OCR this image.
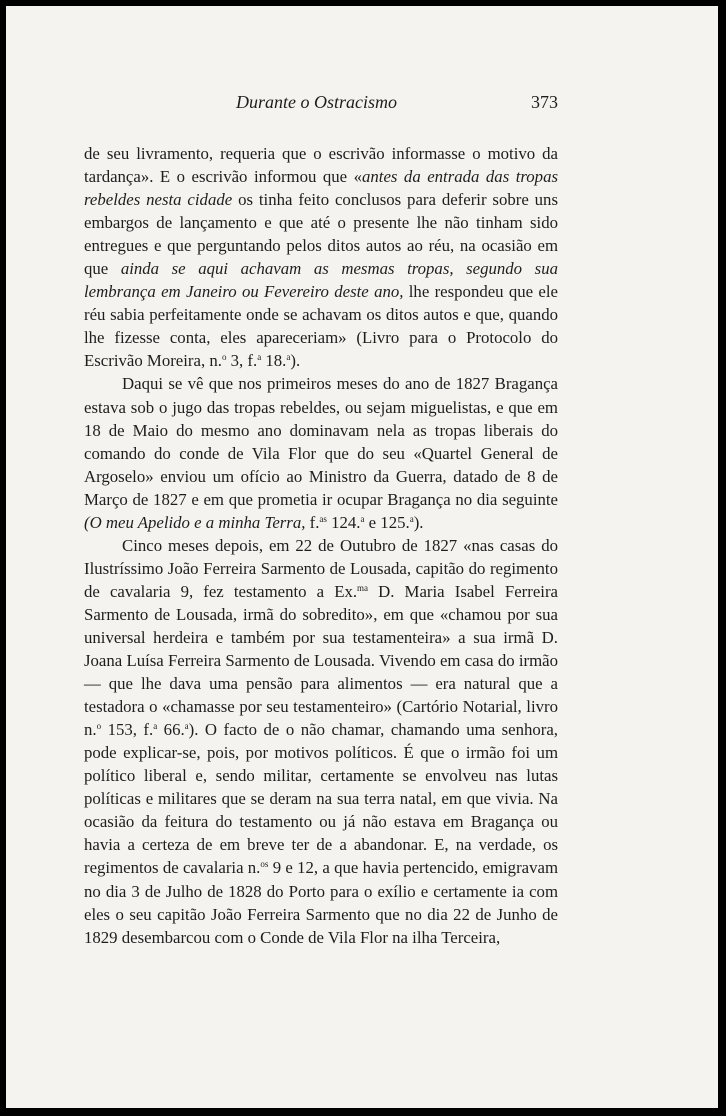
Durante o Ostracismo	373

de seu livramento, requeria que o escrivão informasse o motivo da tardança». E o escrivão informou que «antes da entrada das tropas rebeldes nesta cidade os tinha feito conclusos para deferir sobre uns embargos de lançamento e que até o presente lhe não tinham sido entregues e que perguntando pelos ditos autos ao réu, na ocasião em que ainda se aqui achavam as mesmas tropas, segundo sua lembrança em Janeiro ou Fevereiro deste ano, lhe respondeu que ele réu sabia perfeitamente onde se achavam os ditos autos e que, quando lhe fizesse conta, eles apareceriam» (Livro para o Protocolo do Escrivão Moreira, n.$^o$ 3, f.$^a$ 18.$^a$).

Daqui se vê que nos primeiros meses do ano de 1827 Bragança estava sob o jugo das tropas rebeldes, ou sejam miguelistas, e que em 18 de Maio do mesmo ano dominavam nela as tropas liberais do comando do conde de Vila Flor que do seu «Quartel General de Argoselo» enviou um ofício ao Ministro da Guerra, datado de 8 de Março de 1827 e em que prometia ir ocupar Bragança no dia seguinte (O meu Apelido e a minha Terra, f.$^{as}$ 124.$^a$ e 125.$^a$).

Cinco meses depois, em 22 de Outubro de 1827 «nas casas do Ilustríssimo João Ferreira Sarmento de Lousada, capitão do regimento de cavalaria 9, fez testamento a Ex.$^{ma}$ D. Maria Isabel Ferreira Sarmento de Lousada, irmã do sobredito», em que «chamou por sua universal herdeira e também por sua testamenteira» a sua irmã D. Joana Luísa Ferreira Sarmento de Lousada. Vivendo em casa do irmão — que lhe dava uma pensão para alimentos — era natural que a testadora o «chamasse por seu testamenteiro» (Cartório Notarial, livro n.$^o$ 153, f.$^a$ 66.$^a$). O facto de o não chamar, chamando uma senhora, pode explicar-se, pois, por motivos políticos. É que o irmão foi um político liberal e, sendo militar, certamente se envolveu nas lutas políticas e militares que se deram na sua terra natal, em que vivia. Na ocasião da feitura do testamento ou já não estava em Bragança ou havia a certeza de em breve ter de a abandonar. E, na verdade, os regimentos de cavalaria n.$^{os}$ 9 e 12, a que havia pertencido, emigravam no dia 3 de Julho de 1828 do Porto para o exílio e certamente ia com eles o seu capitão João Ferreira Sarmento que no dia 22 de Junho de 1829 desembarcou com o Conde de Vila Flor na ilha Terceira,
